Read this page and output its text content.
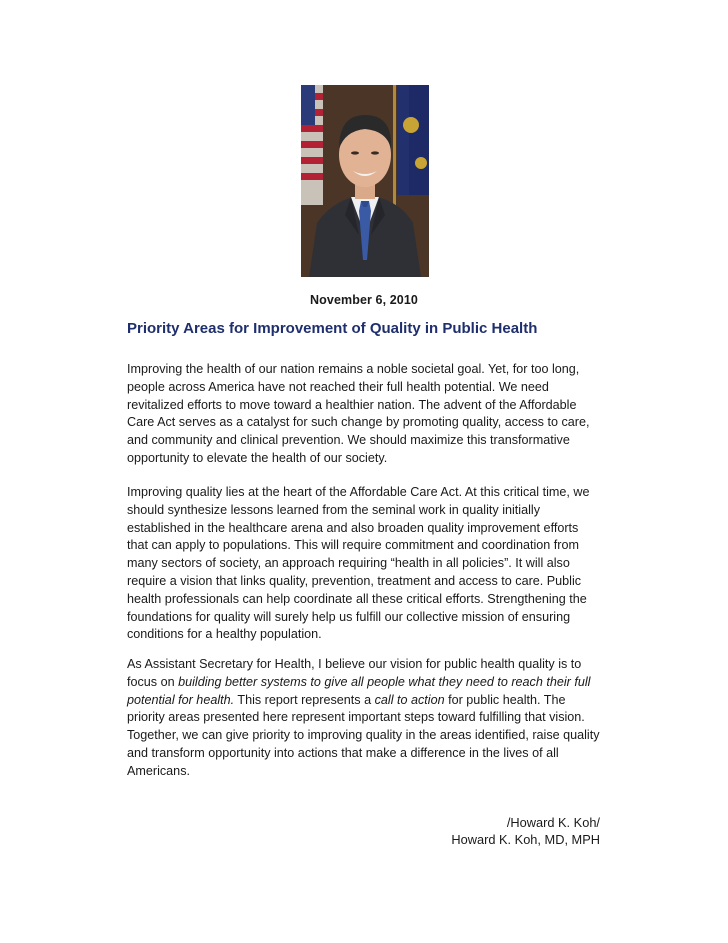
November 6, 2010
Priority Areas for Improvement of Quality in Public Health

Improving the health of our nation remains a noble societal goal. Yet, for too long, people across America have not reached their full health potential. We need revitalized efforts to move toward a healthier nation. The advent of the Affordable Care Act serves as a catalyst for such change by promoting quality, access to care, and community and clinical prevention. We should maximize this transformative opportunity to elevate the health of our society.

Improving quality lies at the heart of the Affordable Care Act. At this critical time, we should synthesize lessons learned from the seminal work in quality initially established in the healthcare arena and also broaden quality improvement efforts that can apply to populations. This will require commitment and coordination from many sectors of society, an approach requiring “health in all policies”. It will also require a vision that links quality, prevention, treatment and access to care. Public health professionals can help coordinate all these critical efforts. Strengthening the foundations for quality will surely help us fulfill our collective mission of ensuring conditions for a healthy population.

As Assistant Secretary for Health, I believe our vision for public health quality is to focus on building better systems to give all people what they need to reach their full potential for health. This report represents a call to action for public health. The priority areas presented here represent important steps toward fulfilling that vision. Together, we can give priority to improving quality in the areas identified, raise quality and transform opportunity into actions that make a difference in the lives of all Americans.

/Howard K. Koh/
Howard K. Koh, MD, MPH
